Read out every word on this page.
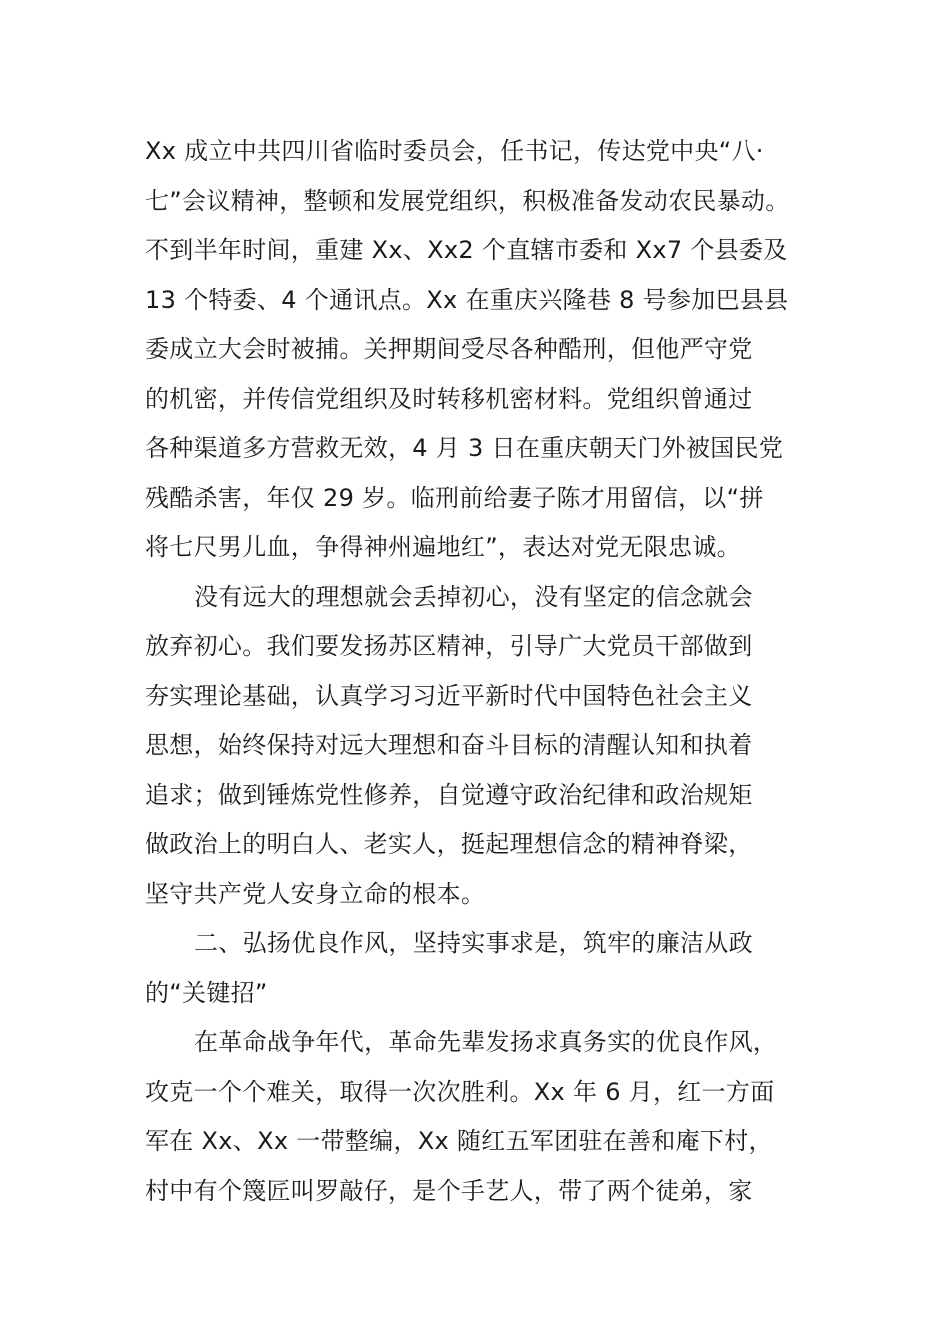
Xx 成立中共四川省临时委员会，任书记，传达党中央“八·
七”会议精神，整顿和发展党组织，积极准备发动农民暴动。
不到半年时间，重建 Xx、Xx2 个直辖市委和 Xx7 个县委及
13 个特委、4 个通讯点。Xx 在重庆兴隆巷 8 号参加巴县县
委成立大会时被捕。关押期间受尽各种酷刑，但他严守党
的机密，并传信党组织及时转移机密材料。党组织曾通过
各种渠道多方营救无效，4 月 3 日在重庆朝天门外被国民党
残酷杀害，年仅 29 岁。临刑前给妻子陈才用留信，以“拼
将七尺男儿血，争得神州遍地红”，表达对党无限忠诚。
没有远大的理想就会丢掉初心，没有坚定的信念就会
放弃初心。我们要发扬苏区精神，引导广大党员干部做到
夯实理论基础，认真学习习近平新时代中国特色社会主义
思想，始终保持对远大理想和奋斗目标的清醒认知和执着
追求；做到锤炼党性修养，自觉遵守政治纪律和政治规矩
做政治上的明白人、老实人，挺起理想信念的精神脊梁，
坚守共产党人安身立命的根本。
二、弘扬优良作风，坚持实事求是，筑牢的廉洁从政
的“关键招”
在革命战争年代，革命先辈发扬求真务实的优良作风，
攻克一个个难关，取得一次次胜利。Xx 年 6 月，红一方面
军在 Xx、Xx 一带整编，Xx 随红五军团驻在善和庵下村，
村中有个篾匠叫罗敲仔，是个手艺人，带了两个徒弟，家
